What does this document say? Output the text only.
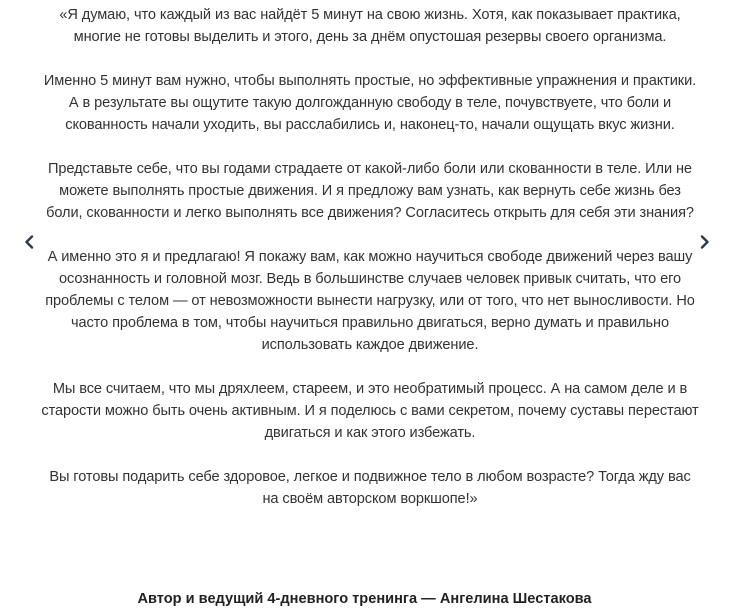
«Я думаю, что каждый из вас найдёт 5 минут на свою жизнь. Хотя, как показывает практика, многие не готовы выделить и этого, день за днём опустошая резервы своего организма.

Именно 5 минут вам нужно, чтобы выполнять простые, но эффективные упражнения и практики. А в результате вы ощутите такую долгожданную свободу в теле, почувствуете, что боли и скованность начали уходить, вы расслабились и, наконец-то, начали ощущать вкус жизни.

Представьте себе, что вы годами страдаете от какой-либо боли или скованности в теле. Или не можете выполнять простые движения. И я предложу вам узнать, как вернуть себе жизнь без боли, скованности и легко выполнять все движения? Согласитесь открыть для себя эти знания?

А именно это я и предлагаю! Я покажу вам, как можно научиться свободе движений через вашу осознанность и головной мозг. Ведь в большинстве случаев человек привык считать, что его проблемы с телом — от невозможности вынести нагрузку, или от того, что нет выносливости. Но часто проблема в том, чтобы научиться правильно двигаться, верно думать и правильно использовать каждое движение.

Мы все считаем, что мы дряхлеем, стареем, и это необратимый процесс. А на самом деле и в старости можно быть очень активным. И я поделюсь с вами секретом, почему суставы перестают двигаться и как этого избежать.

Вы готовы подарить себе здоровое, легкое и подвижное тело в любом возрасте? Тогда жду вас на своём авторском воркшопе!»

Автор и ведущий 4-дневного тренинга — Ангелина Шестакова
